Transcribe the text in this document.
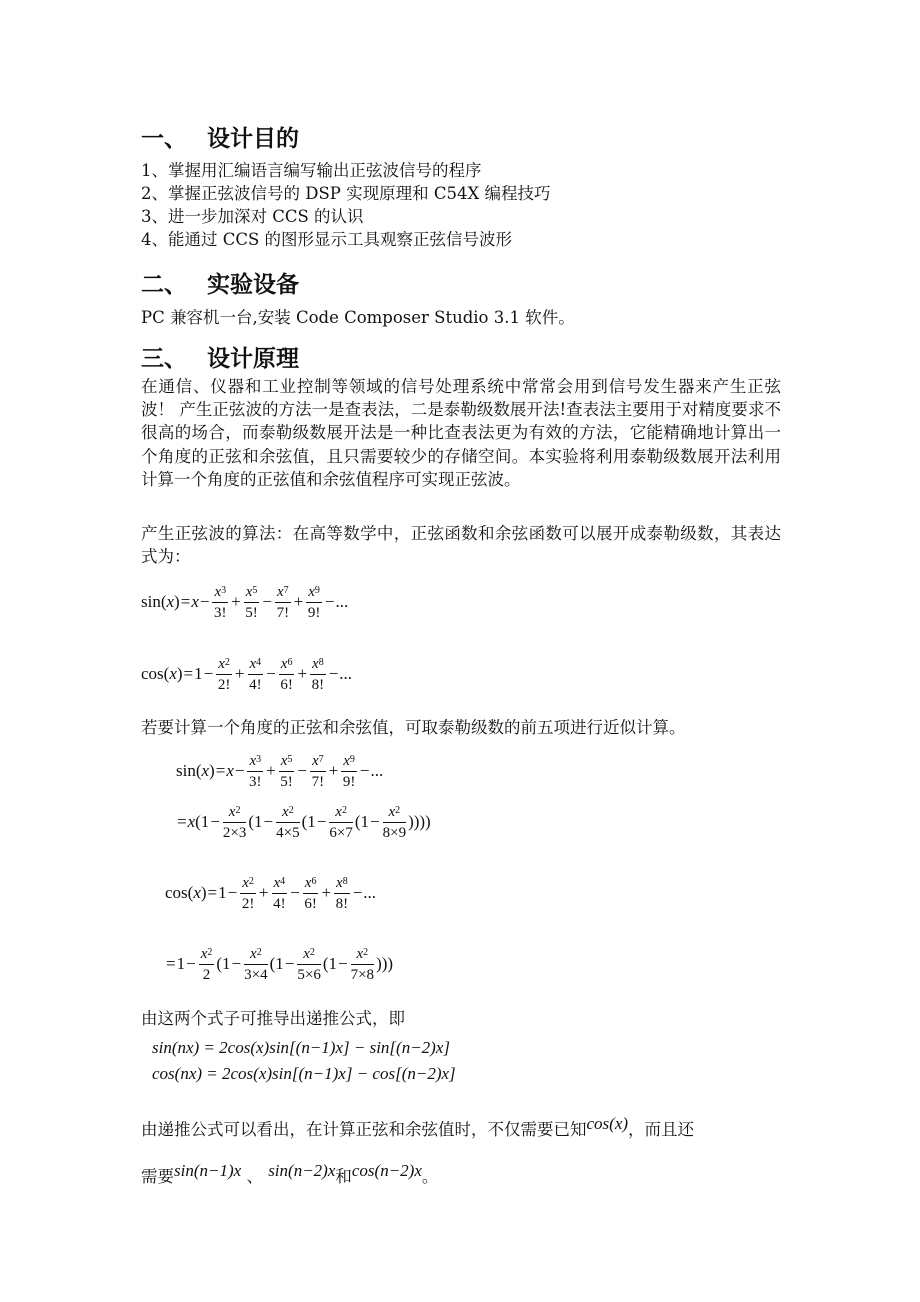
一、 设计目的
1、掌握用汇编语言编写输出正弦波信号的程序
2、掌握正弦波信号的 DSP 实现原理和 C54X 编程技巧
3、进一步加深对 CCS 的认识
4、能通过 CCS 的图形显示工具观察正弦信号波形
二、 实验设备
PC 兼容机一台,安装 Code Composer Studio 3.1 软件。
三、 设计原理
在通信、仪器和工业控制等领域的信号处理系统中常常会用到信号发生器来产生正弦波！ 产生正弦波的方法一是查表法，二是泰勒级数展开法!查表法主要用于对精度要求不很高的场合，而泰勒级数展开法是一种比查表法更为有效的方法，它能精确地计算出一个角度的正弦和余弦值，且只需要较少的存储空间。本实验将利用泰勒级数展开法利用计算一个角度的正弦值和余弦值程序可实现正弦波。
产生正弦波的算法：在高等数学中，正弦函数和余弦函数可以展开成泰勒级数，其表达式为：
$\sin(x)=x- \frac{x^3}{3!} + \frac{x^5}{5!} - \frac{x^7}{7!} + \frac{x^9}{9!}$ −...
$\cos(x)=1- \frac{x^2}{2!} + \frac{x^4}{4!} - \frac{x^6}{6!} + \frac{x^8}{8!}$ −...
若要计算一个角度的正弦和余弦值，可取泰勒级数的前五项进行近似计算。
$\sin(x)=x- \frac{x^3}{3!} + \frac{x^5}{5!} - \frac{x^7}{7!} + \frac{x^9}{9!}$ −...
$=x(1- \frac{x^2}{2\times 3} (1- \frac{x^2}{4\times 5} (1- \frac{x^2}{6\times 7} (1- \frac{x^2}{8\times 9}$ ))))
$\cos(x)=1- \frac{x^2}{2!} + \frac{x^4}{4!} - \frac{x^6}{6!} + \frac{x^8}{8!}$ −...
$=1- \frac{x^2}{2} (1- \frac{x^2}{3\times 4} (1- \frac{x^2}{5\times 6} (1- \frac{x^2}{7\times 8}$ )))
由这两个式子可推导出递推公式，即
sin(nx) = 2cos(x)sin[(n−1)x] − sin[(n−2)x]
cos(nx) = 2cos(x)sin[(n−1)x] − cos[(n−2)x]
由递推公式可以看出，在计算正弦和余弦值时，不仅需要已知cos(x)，而且还
需要sin(n−1)x 、 sin(n−2)x和cos(n−2)x。
